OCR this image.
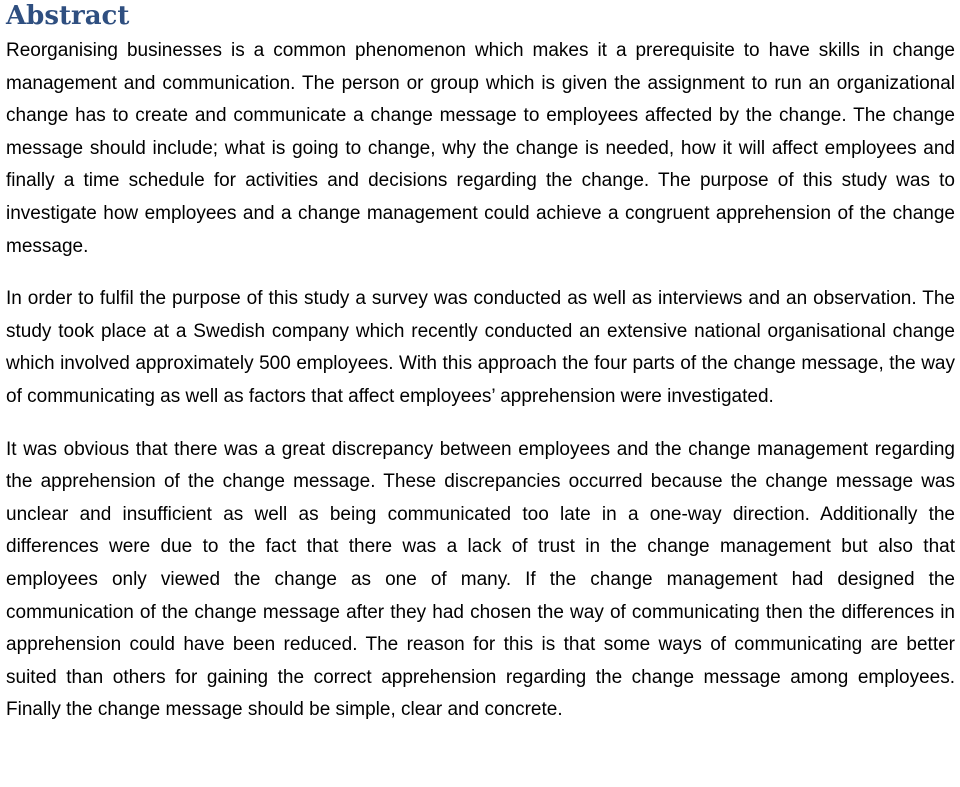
Abstract

Reorganising businesses is a common phenomenon which makes it a prerequisite to have skills in change management and communication. The person or group which is given the assignment to run an organizational change has to create and communicate a change message to employees affected by the change. The change message should include; what is going to change, why the change is needed, how it will affect employees and finally a time schedule for activities and decisions regarding the change. The purpose of this study was to investigate how employees and a change management could achieve a congruent apprehension of the change message.

In order to fulfil the purpose of this study a survey was conducted as well as interviews and an observation. The study took place at a Swedish company which recently conducted an extensive national organisational change which involved approximately 500 employees. With this approach the four parts of the change message, the way of communicating as well as factors that affect employees’ apprehension were investigated.

It was obvious that there was a great discrepancy between employees and the change management regarding the apprehension of the change message. These discrepancies occurred because the change message was unclear and insufficient as well as being communicated too late in a one-way direction. Additionally the differences were due to the fact that there was a lack of trust in the change management but also that employees only viewed the change as one of many. If the change management had designed the communication of the change message after they had chosen the way of communicating then the differences in apprehension could have been reduced. The reason for this is that some ways of communicating are better suited than others for gaining the correct apprehension regarding the change message among employees. Finally the change message should be simple, clear and concrete.
